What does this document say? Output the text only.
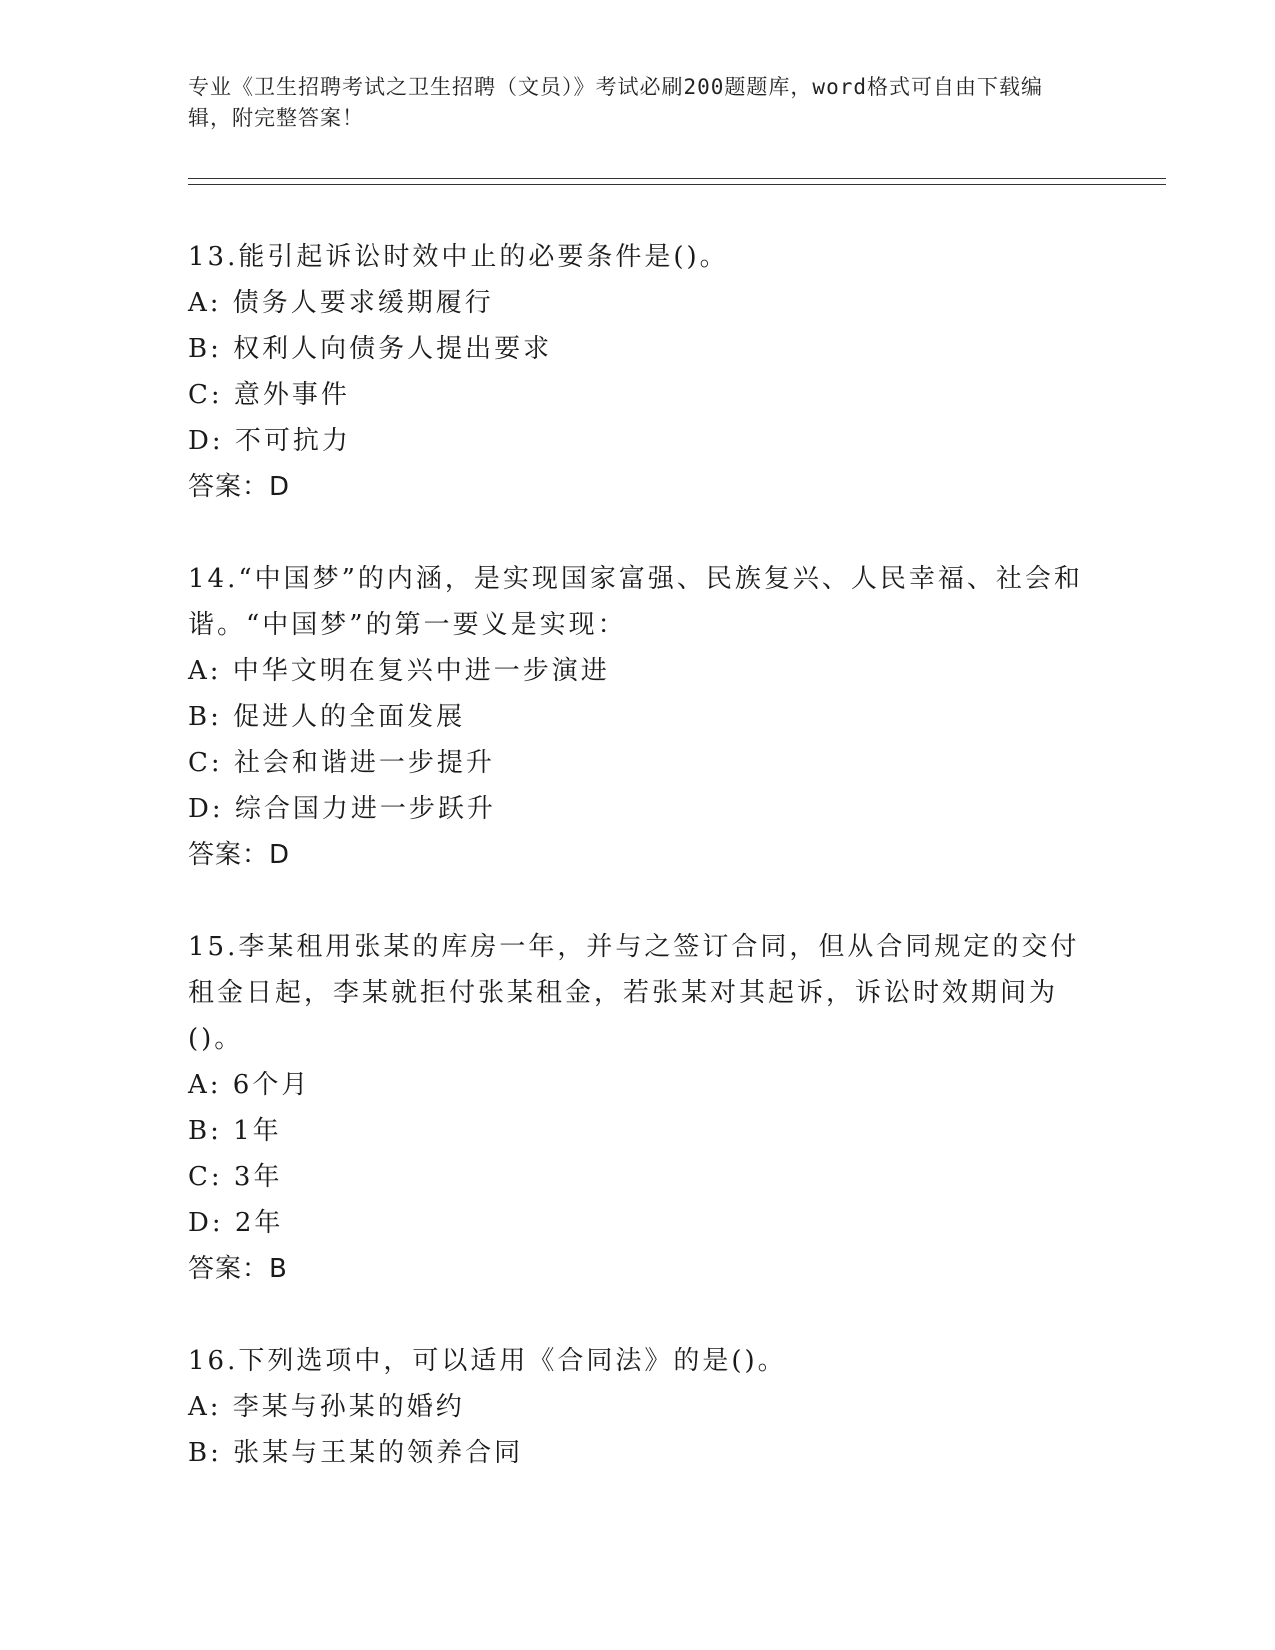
专业《卫生招聘考试之卫生招聘（文员）》考试必刷200题题库，word格式可自由下载编辑，附完整答案！
13.能引起诉讼时效中止的必要条件是()。
A: 债务人要求缓期履行
B: 权利人向债务人提出要求
C: 意外事件
D: 不可抗力
答案：D
14.“中国梦”的内涵，是实现国家富强、民族复兴、人民幸福、社会和谐。“中国梦”的第一要义是实现：
A: 中华文明在复兴中进一步演进
B: 促进人的全面发展
C: 社会和谐进一步提升
D: 综合国力进一步跃升
答案：D
15.李某租用张某的库房一年，并与之签订合同，但从合同规定的交付租金日起，李某就拒付张某租金，若张某对其起诉，诉讼时效期间为()。
A: 6个月
B: 1年
C: 3年
D: 2年
答案：B
16.下列选项中，可以适用《合同法》的是()。
A: 李某与孙某的婚约
B: 张某与王某的领养合同
